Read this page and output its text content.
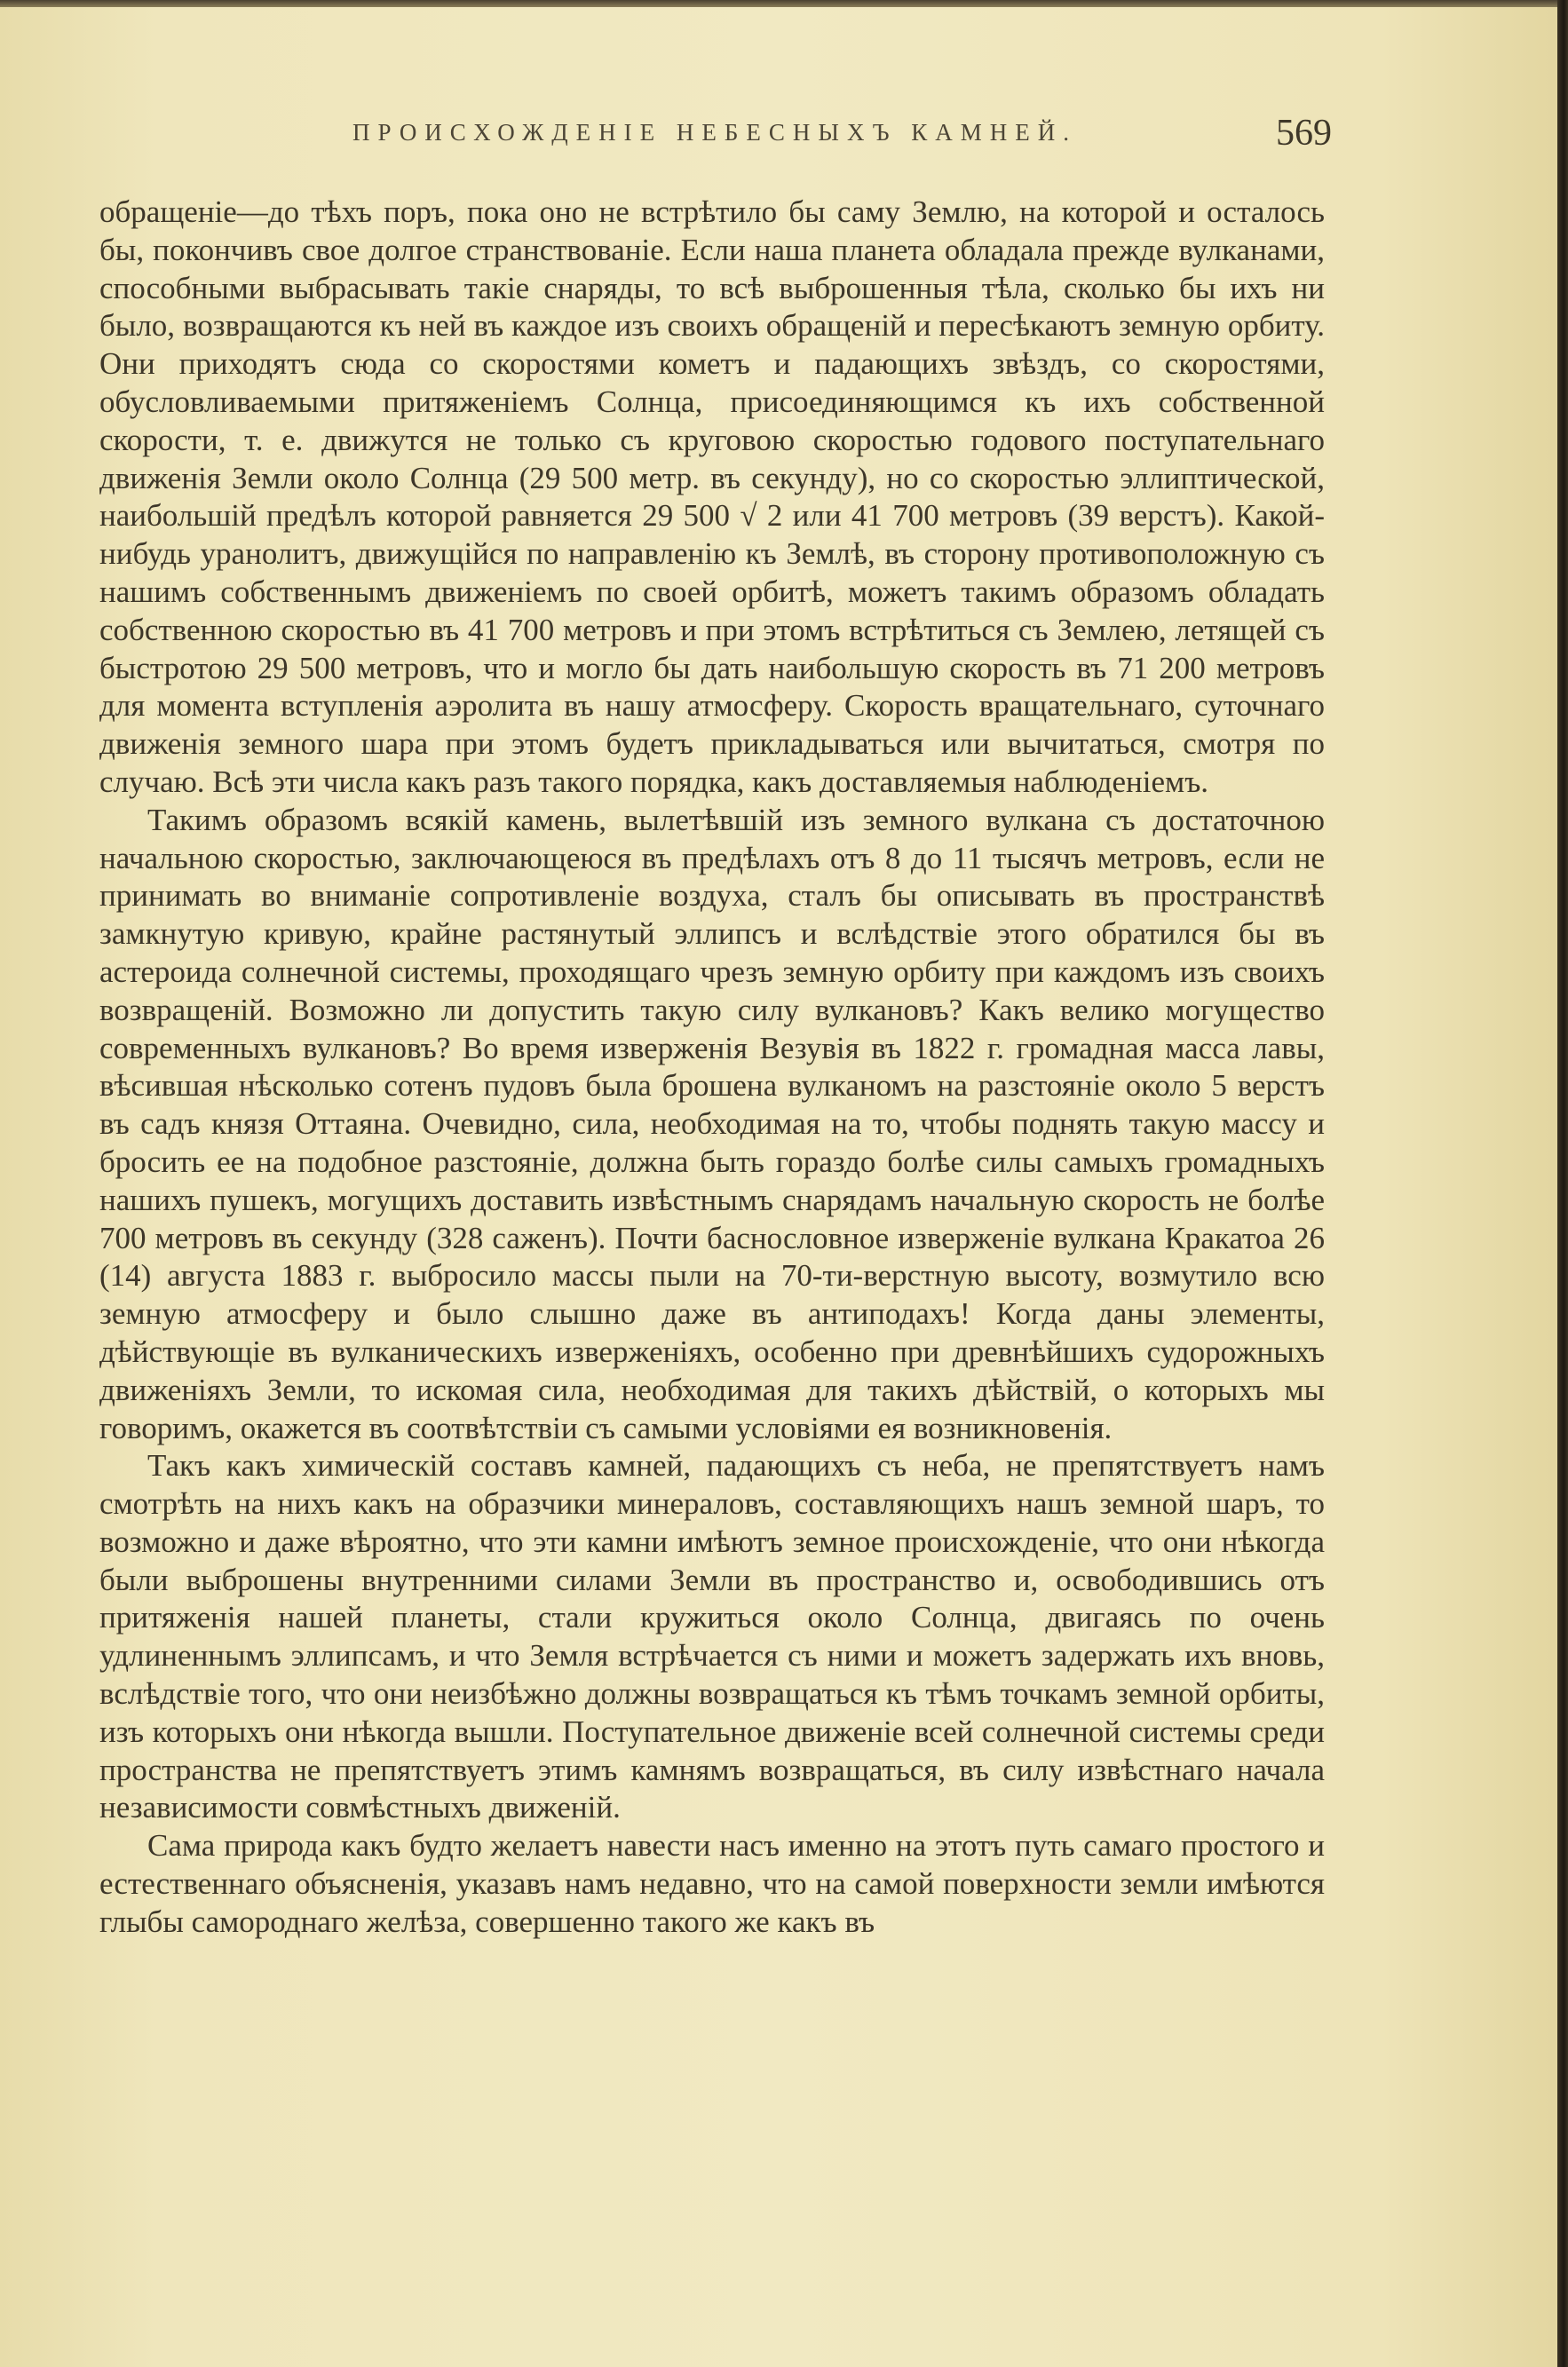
ПРОИСХОЖДЕНІЕ НЕБЕСНЫХЪ КАМНЕЙ.	569

обращеніе—до тѣхъ поръ, пока оно не встрѣтило бы саму Землю, на которой и осталось бы, покончивъ свое долгое странствованіе. Если наша планета обладала прежде вулканами, способными выбрасывать такіе снаряды, то всѣ выброшенныя тѣла, сколько бы ихъ ни было, возвращаются къ ней въ каждое изъ своихъ обращеній и пересѣкаютъ земную орбиту. Они приходятъ сюда со скоростями кометъ и падающихъ звѣздъ, со скоростями, обусловливаемыми притяженіемъ Солнца, присоединяющимся къ ихъ собственной скорости, т. е. движутся не только съ круговою скоростью годового поступательнаго движенія Земли около Солнца (29 500 метр. въ секунду), но со скоростью эллиптической, наибольшій предѣлъ которой равняется 29 500 √ 2 или 41 700 метровъ (39 верстъ). Какой-нибудь уранолитъ, движущійся по направленію къ Землѣ, въ сторону противоположную съ нашимъ собственнымъ движеніемъ по своей орбитѣ, можетъ такимъ образомъ обладать собственною скоростью въ 41 700 метровъ и при этомъ встрѣтиться съ Землею, летящей съ быстротою 29 500 метровъ, что и могло бы дать наибольшую скорость въ 71 200 метровъ для момента вступленія аэролита въ нашу атмосферу. Скорость вращательнаго, суточнаго движенія земного шара при этомъ будетъ прикладываться или вычитаться, смотря по случаю. Всѣ эти числа какъ разъ такого порядка, какъ доставляемыя наблюденіемъ.

Такимъ образомъ всякій камень, вылетѣвшій изъ земного вулкана съ достаточною начальною скоростью, заключающеюся въ предѣлахъ отъ 8 до 11 тысячъ метровъ, если не принимать во вниманіе сопротивленіе воздуха, сталъ бы описывать въ пространствѣ замкнутую кривую, крайне растянутый эллипсъ и вслѣдствіе этого обратился бы въ астероида солнечной системы, проходящаго чрезъ земную орбиту при каждомъ изъ своихъ возвращеній. Возможно ли допустить такую силу вулкановъ? Какъ велико могущество современныхъ вулкановъ? Во время изверженія Везувія въ 1822 г. громадная масса лавы, вѣсившая нѣсколько сотенъ пудовъ была брошена вулканомъ на разстояніе около 5 верстъ въ садъ князя Оттаяна. Очевидно, сила, необходимая на то, чтобы поднять такую массу и бросить ее на подобное разстояніе, должна быть гораздо болѣе силы самыхъ громадныхъ нашихъ пушекъ, могущихъ доставить извѣстнымъ снарядамъ начальную скорость не болѣе 700 метровъ въ секунду (328 саженъ). Почти баснословное изверженіе вулкана Кракатоа 26 (14) августа 1883 г. выбросило массы пыли на 70-ти-верстную высоту, возмутило всю земную атмосферу и было слышно даже въ антиподахъ! Когда даны элементы, дѣйствующіе въ вулканическихъ изверженіяхъ, особенно при древнѣйшихъ судорожныхъ движеніяхъ Земли, то искомая сила, необходимая для такихъ дѣйствій, о которыхъ мы говоримъ, окажется въ соотвѣтствіи съ самыми условіями ея возникновенія.

Такъ какъ химическій составъ камней, падающихъ съ неба, не препятствуетъ намъ смотрѣть на нихъ какъ на образчики минераловъ, составляющихъ нашъ земной шаръ, то возможно и даже вѣроятно, что эти камни имѣютъ земное происхожденіе, что они нѣкогда были выброшены внутренними силами Земли въ пространство и, освободившись отъ притяженія нашей планеты, стали кружиться около Солнца, двигаясь по очень удлиненнымъ эллипсамъ, и что Земля встрѣчается съ ними и можетъ задержать ихъ вновь, вслѣдствіе того, что они неизбѣжно должны возвращаться къ тѣмъ точкамъ земной орбиты, изъ которыхъ они нѣкогда вышли. Поступательное движеніе всей солнечной системы среди пространства не препятствуетъ этимъ камнямъ возвращаться, въ силу извѣстнаго начала независимости совмѣстныхъ движеній.

Сама природа какъ будто желаетъ навести насъ именно на этотъ путь самаго простого и естественнаго объясненія, указавъ намъ недавно, что на самой поверхности земли имѣются глыбы самороднаго желѣза, совершенно такого же какъ въ
